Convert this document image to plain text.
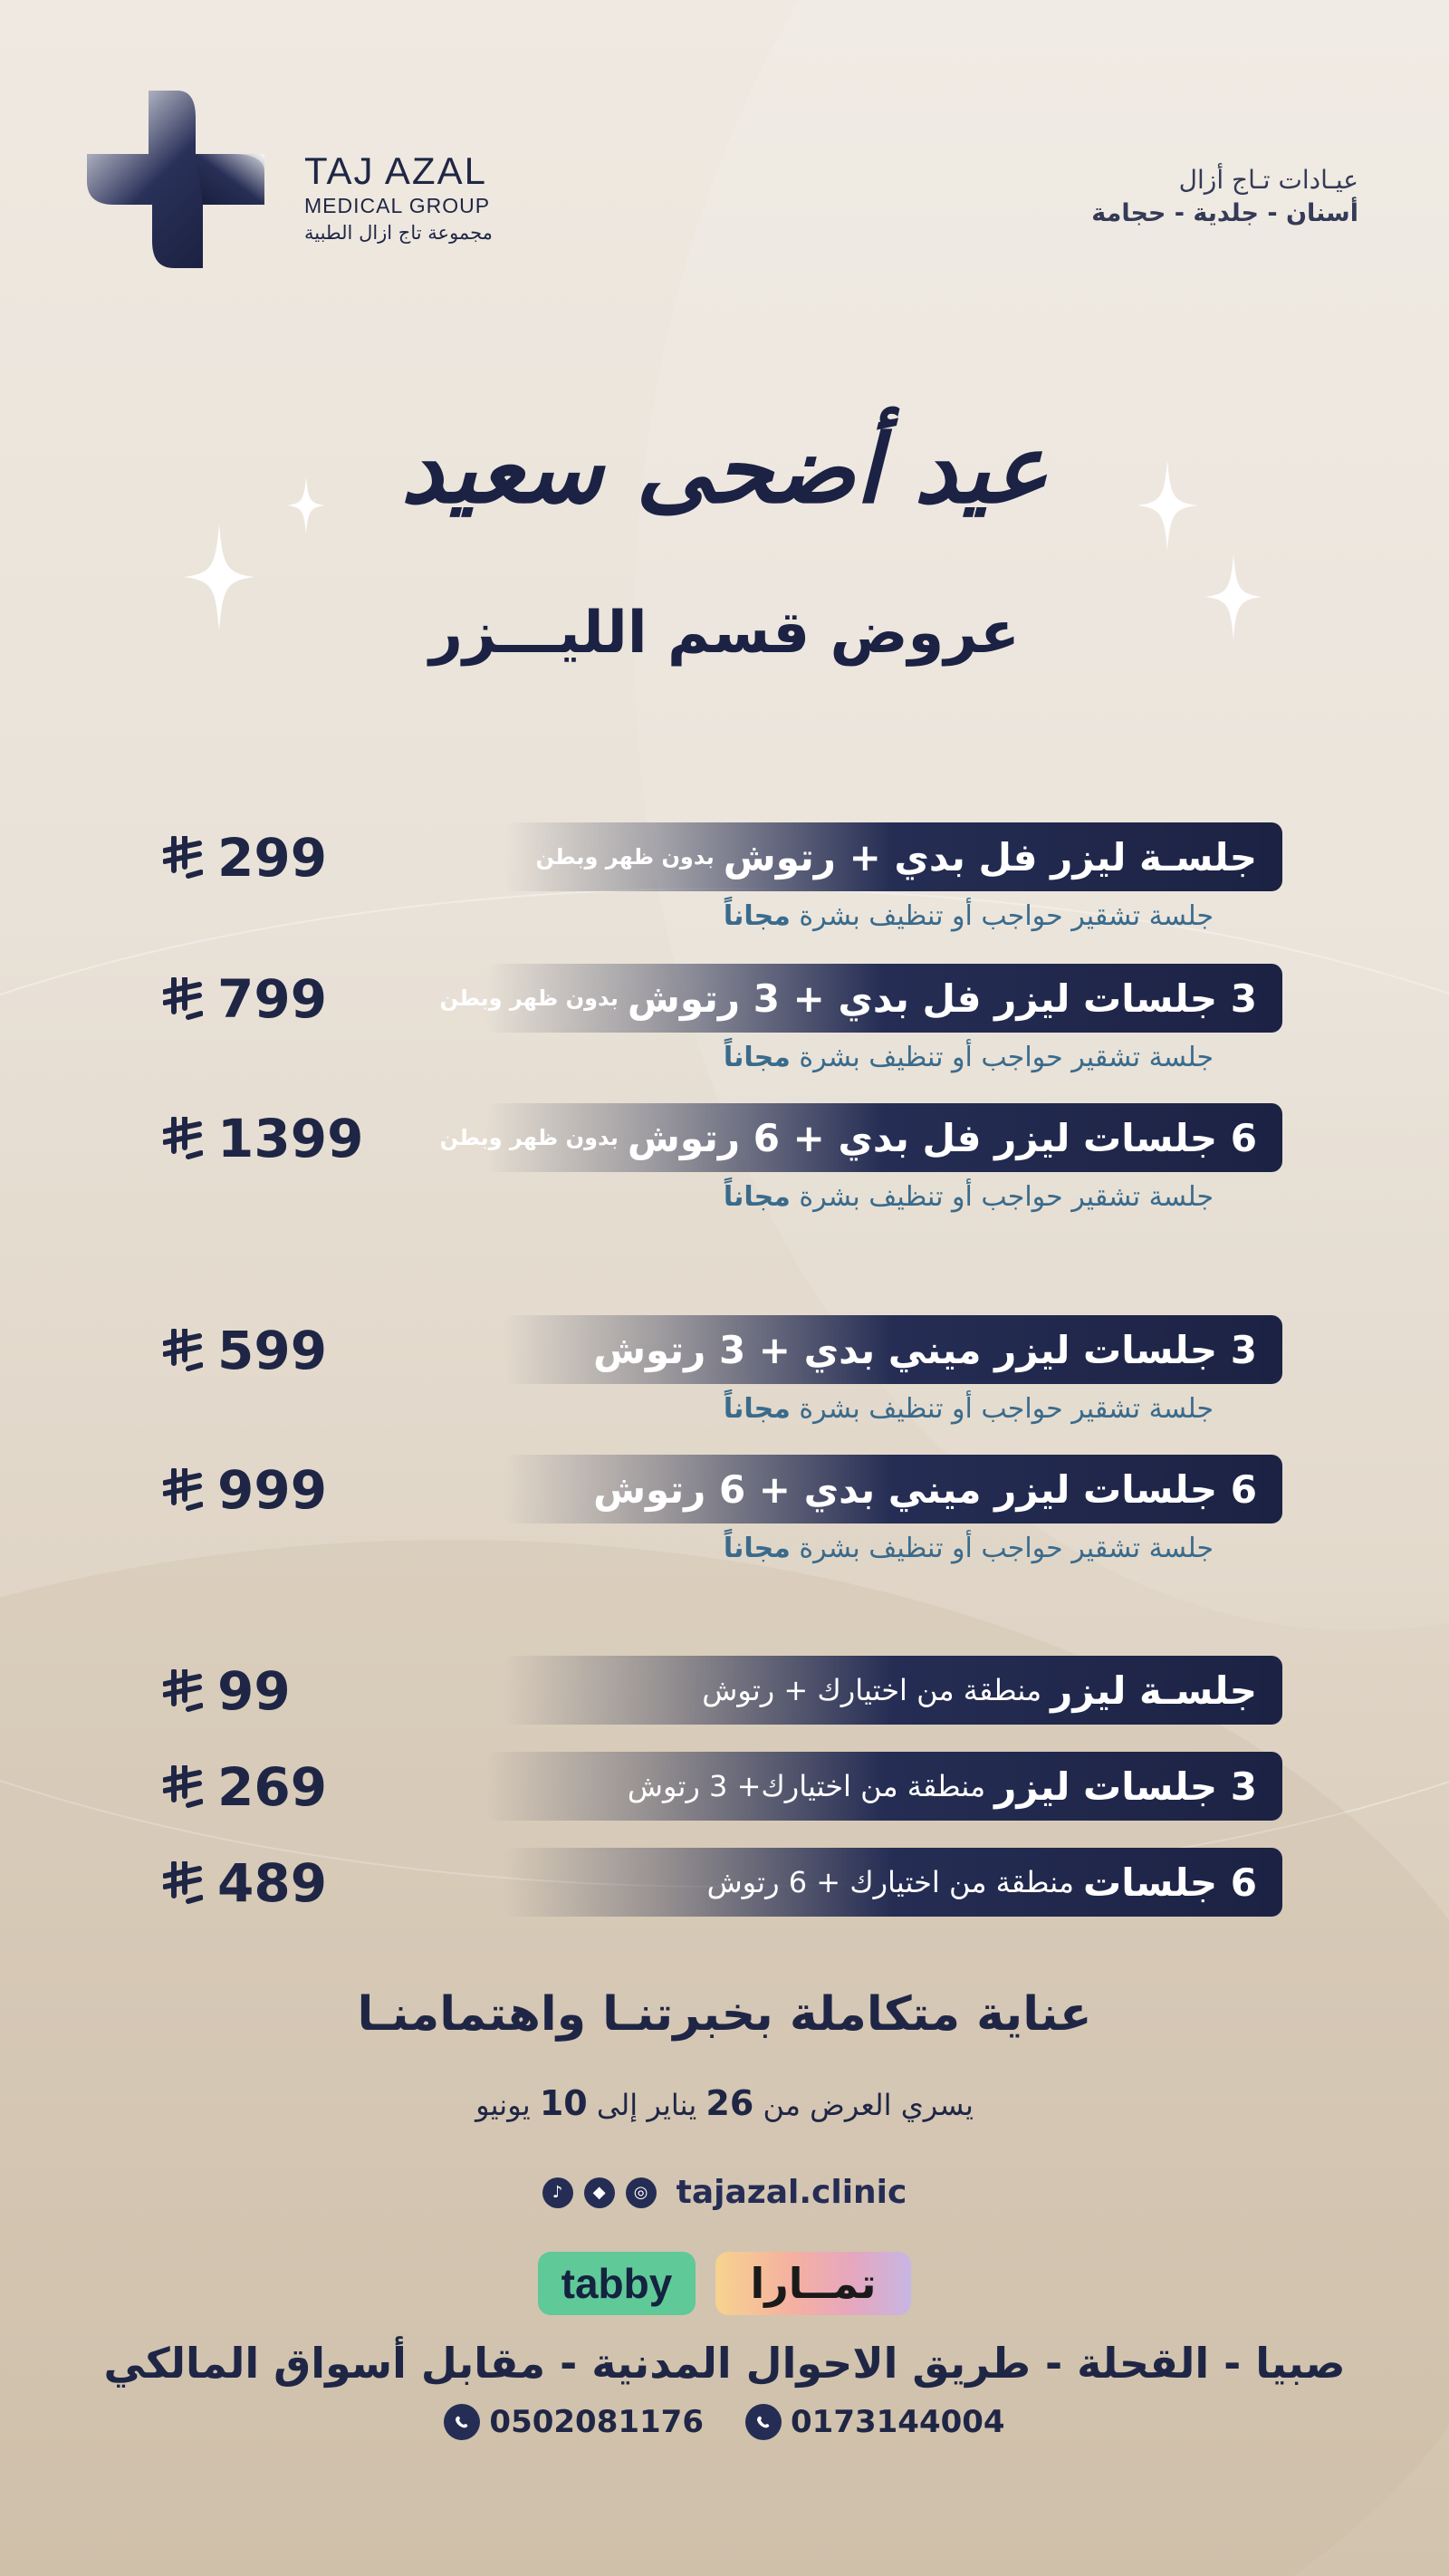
TAJ AZAL
MEDICAL GROUP
مجموعة تاج ازال الطبية
عيـادات تـاج أزال
أسنان - جلدية - حجامة
عيد أضحى سعيد
عروض قسم الليـــزر
جلسـة ليزر فل بدي + رتوش
بدون ظهر وبطن
299
جلسة تشقير حواجب أو تنظيف بشرة مجاناً
3 جلسات ليزر فل بدي + 3 رتوش
بدون ظهر وبطن
799
جلسة تشقير حواجب أو تنظيف بشرة مجاناً
6 جلسات ليزر فل بدي + 6 رتوش
بدون ظهر وبطن
1399
جلسة تشقير حواجب أو تنظيف بشرة مجاناً
3 جلسات ليزر ميني بدي + 3 رتوش
599
جلسة تشقير حواجب أو تنظيف بشرة مجاناً
6 جلسات ليزر ميني بدي + 6 رتوش
999
جلسة تشقير حواجب أو تنظيف بشرة مجاناً
جلسـة ليزر
منطقة من اختيارك + رتوش
99
3 جلسات ليزر
منطقة من اختيارك+ 3 رتوش
269
6 جلسات
منطقة من اختيارك + 6 رتوش
489
عناية متكاملة بخبرتنـا واهتمامنـا
يسري العرض من 26 يناير إلى 10 يونيو
♪	◆	◎ tajazal.clinic
tabby	تمــارا
صبيا - القحلة - طريق الاحوال المدنية - مقابل أسواق المالكي
0502081176	0173144004
